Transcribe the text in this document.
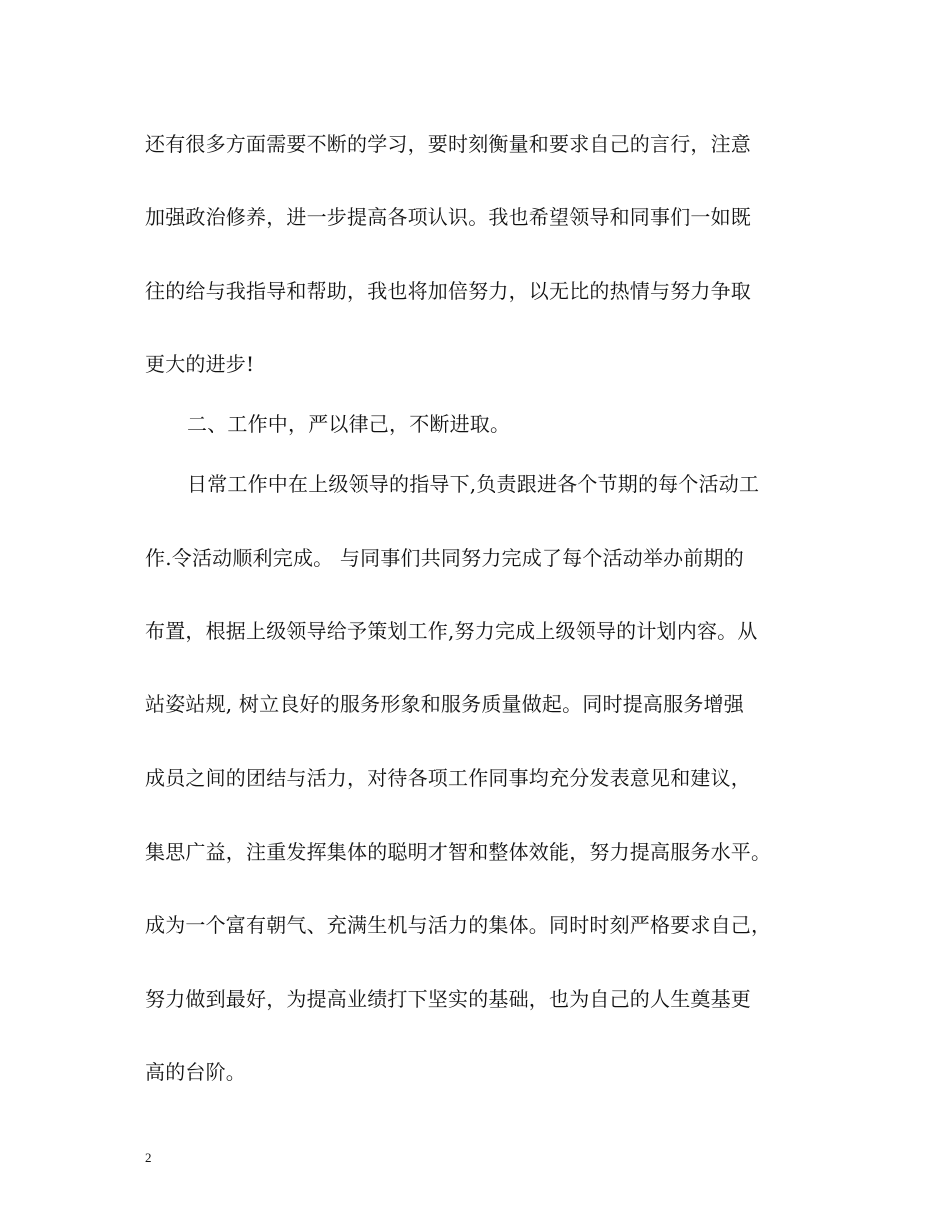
还有很多方面需要不断的学习，要时刻衡量和要求自己的言行，注意
加强政治修养，进一步提高各项认识。我也希望领导和同事们一如既
往的给与我指导和帮助，我也将加倍努力，以无比的热情与努力争取
更大的进步!
二、工作中，严以律己，不断进取。
日常工作中在上级领导的指导下,负责跟进各个节期的每个活动工
作.令活动顺利完成。 与同事们共同努力完成了每个活动举办前期的
布置，根据上级领导给予策划工作,努力完成上级领导的计划内容。从
站姿站规, 树立良好的服务形象和服务质量做起。同时提高服务增强
成员之间的团结与活力，对待各项工作同事均充分发表意见和建议，
集思广益，注重发挥集体的聪明才智和整体效能，努力提高服务水平。
成为一个富有朝气、充满生机与活力的集体。同时时刻严格要求自己，
努力做到最好，为提高业绩打下坚实的基础，也为自己的人生奠基更
高的台阶。
2
